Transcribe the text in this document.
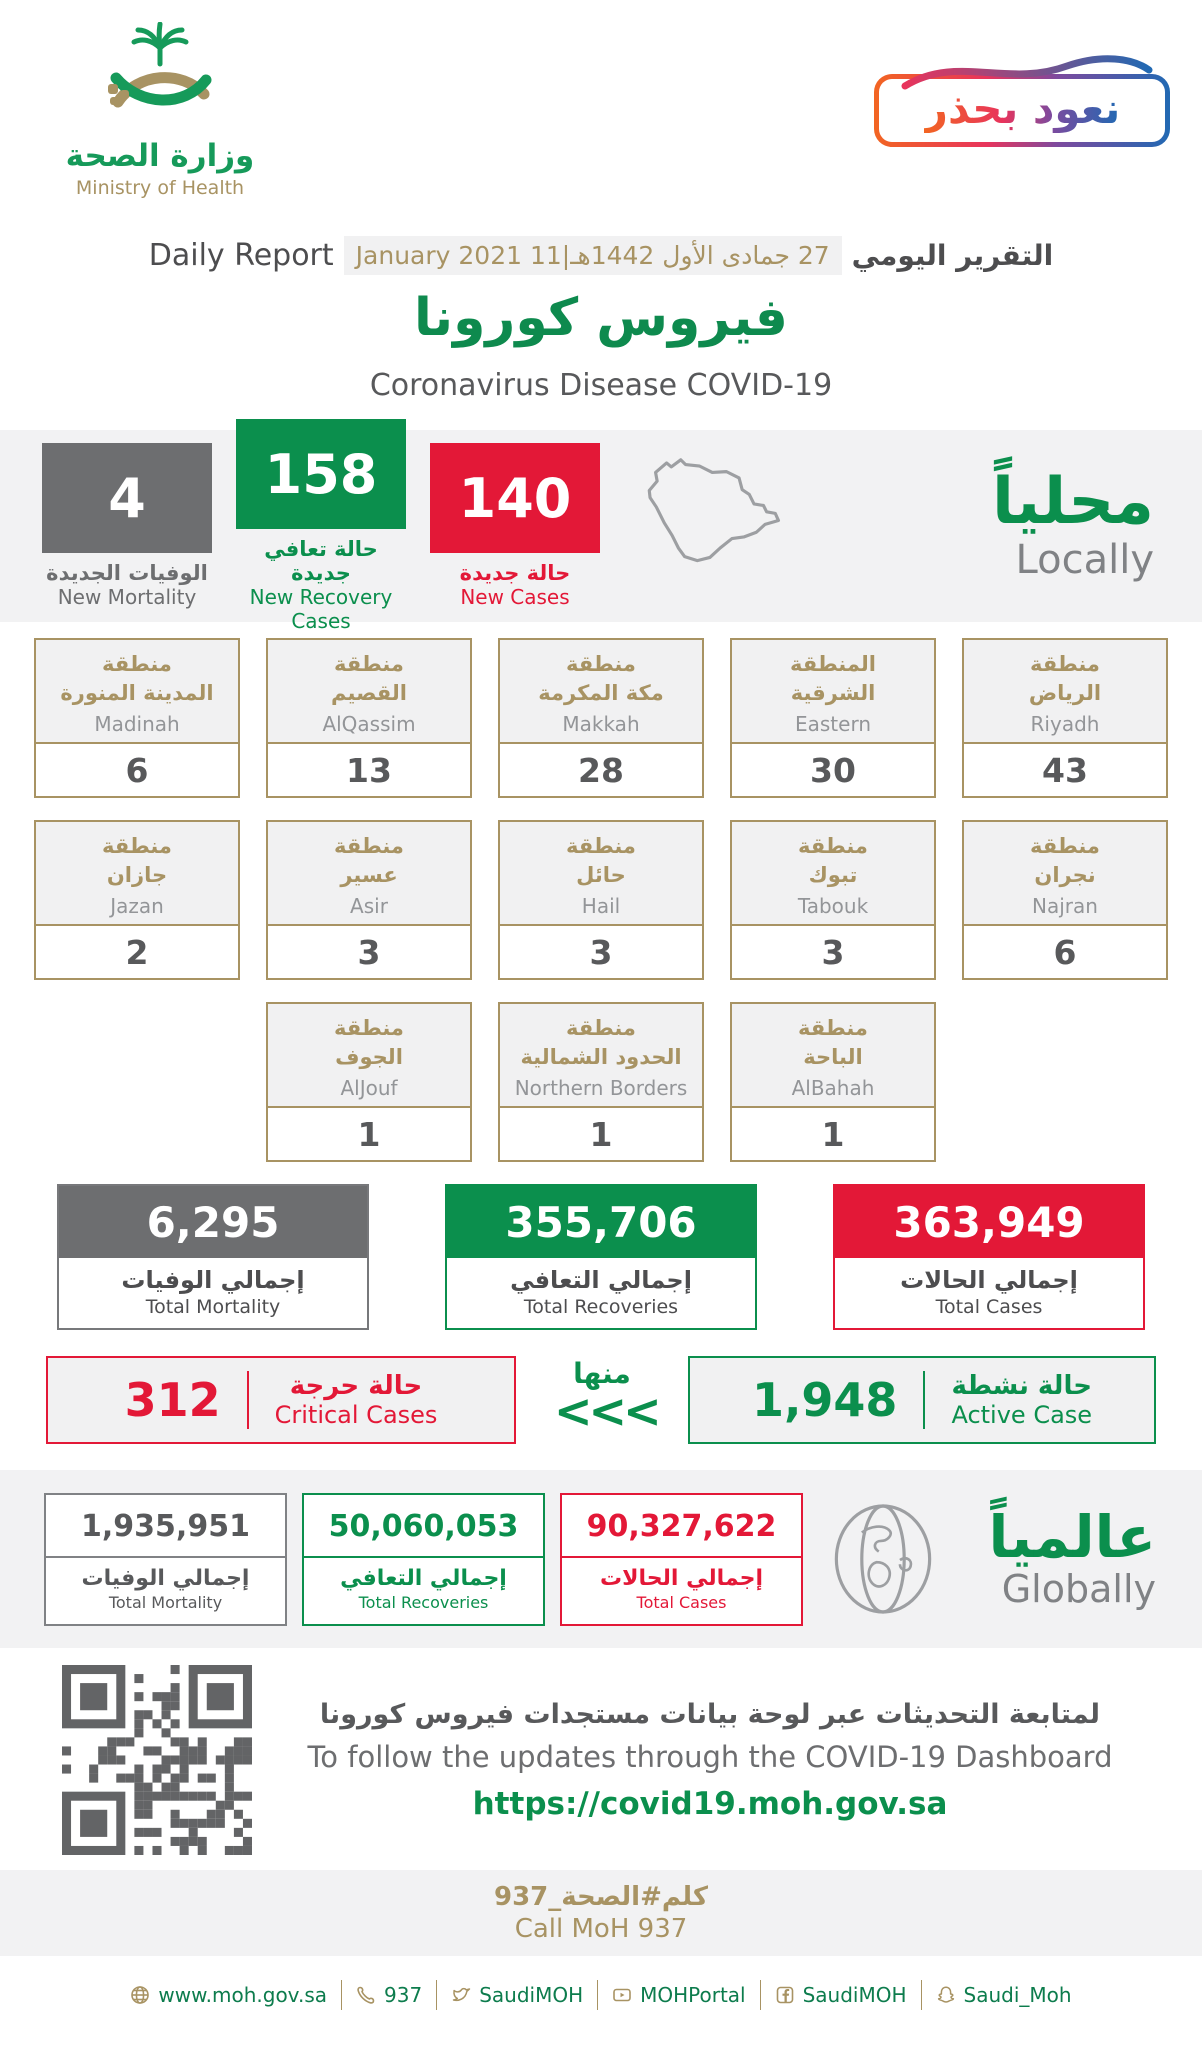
وزارة الصحة
Ministry of Health
نعود بحذر
Daily Report 27 جمادى الأول 1442هـ|11 January 2021 التقرير اليومي
فيروس كورونا
Coronavirus Disease COVID-19
4
الوفيات الجديدة
New Mortality
158
حالة تعافي جديدة
New Recovery Cases
140
حالة جديدة
New Cases
محلياً
Locally
منطقة
المدينة المنورة
Madinah
6
منطقة
القصيم
AlQassim
13
منطقة
مكة المكرمة
Makkah
28
المنطقة
الشرقية
Eastern
30
منطقة
الرياض
Riyadh
43
منطقة
جازان
Jazan
2
منطقة
عسير
Asir
3
منطقة
حائل
Hail
3
منطقة
تبوك
Tabouk
3
منطقة
نجران
Najran
6
منطقة
الجوف
AlJouf
1
منطقة
الحدود الشمالية
Northern Borders
1
منطقة
الباحة
AlBahah
1
6,295
إجمالي الوفيات
Total Mortality
355,706
إجمالي التعافي
Total Recoveries
363,949
إجمالي الحالات
Total Cases
312	حالة حرجة
Critical Cases
منها
<<< 1,948 حالة نشطة
Active Case
1,935,951
إجمالي الوفيات
Total Mortality
50,060,053
إجمالي التعافي
Total Recoveries
90,327,622
إجمالي الحالات
Total Cases
عالمياً
Globally
لمتابعة التحديثات عبر لوحة بيانات مستجدات فيروس كورونا
To follow the updates through the COVID-19 Dashboard
https://covid19.moh.gov.sa
كلم#الصحة_937
Call MoH 937
www.moh.gov.sa	937	SaudiMOH	MOHPortal	SaudiMOH	Saudi_Moh
